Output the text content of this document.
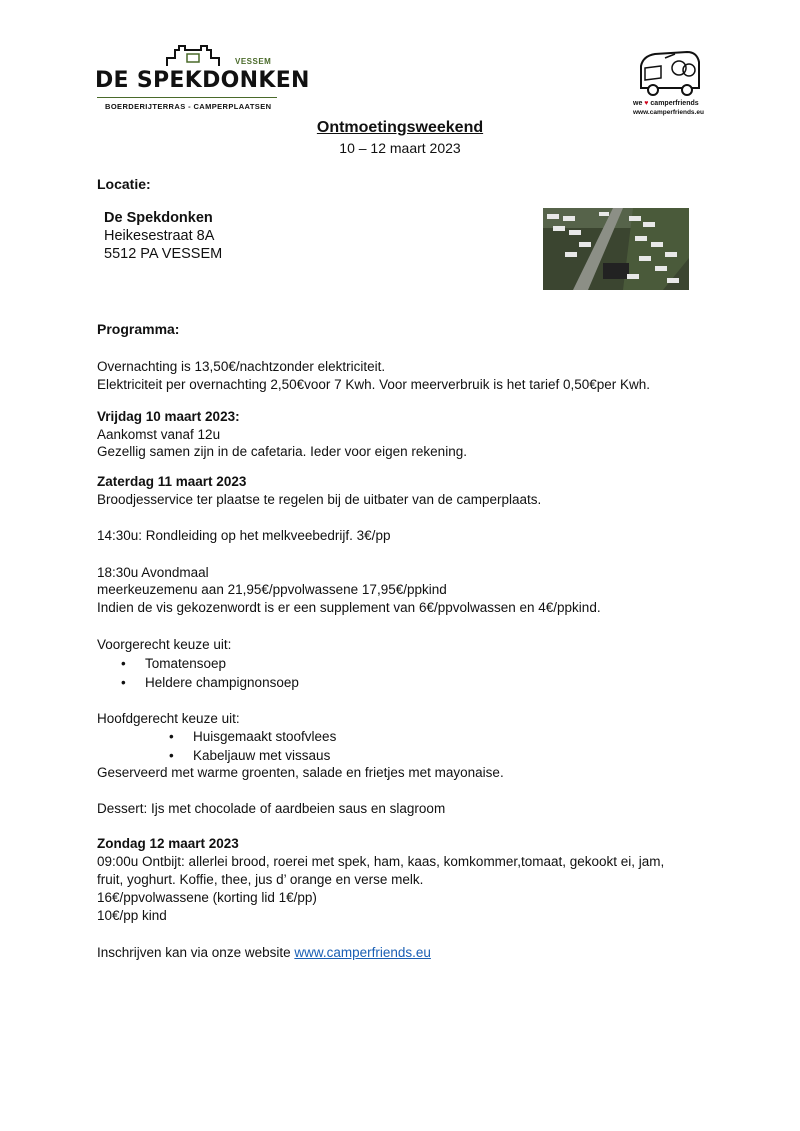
VESSEM
DE SPEKDONKEN
BOERDERIJTERRAS - CAMPERPLAATSEN	we ♥ camperfriends
www.camperfriends.eu
Ontmoetingsweekend
10 – 12 maart 2023
Locatie:
De Spekdonken
Heikesestraat 8A
5512 PA VESSEM
Programma:
Overnachting is 13,50€/nachtzonder elektriciteit.
Elektriciteit per overnachting 2,50€voor 7 Kwh. Voor meerverbruik is het tarief 0,50€per Kwh.
Vrijdag 10 maart 2023:
Aankomst vanaf 12u
Gezellig samen zijn in de cafetaria. Ieder voor eigen rekening.
Zaterdag 11 maart 2023
Broodjesservice ter plaatse te regelen bij de uitbater van de camperplaats.
14:30u: Rondleiding op het melkveebedrijf. 3€/pp
18:30u Avondmaal
meerkeuzemenu aan 21,95€/ppvolwassene 17,95€/ppkind
Indien de vis gekozenwordt is er een supplement van 6€/ppvolwassen en 4€/ppkind.
Voorgerecht keuze uit:
• Tomatensoep
• Heldere champignonsoep
Hoofdgerecht keuze uit:
• Huisgemaakt stoofvlees
• Kabeljauw met vissaus
Geserveerd met warme groenten, salade en frietjes met mayonaise.
Dessert: Ijs met chocolade of aardbeien saus en slagroom
Zondag 12 maart 2023
09:00u Ontbijt: allerlei brood, roerei met spek, ham, kaas, komkommer,tomaat, gekookt ei, jam,
fruit, yoghurt. Koffie, thee, jus d’ orange en verse melk.
16€/ppvolwassene (korting lid 1€/pp)
10€/pp kind
Inschrijven kan via onze website www.camperfriends.eu
